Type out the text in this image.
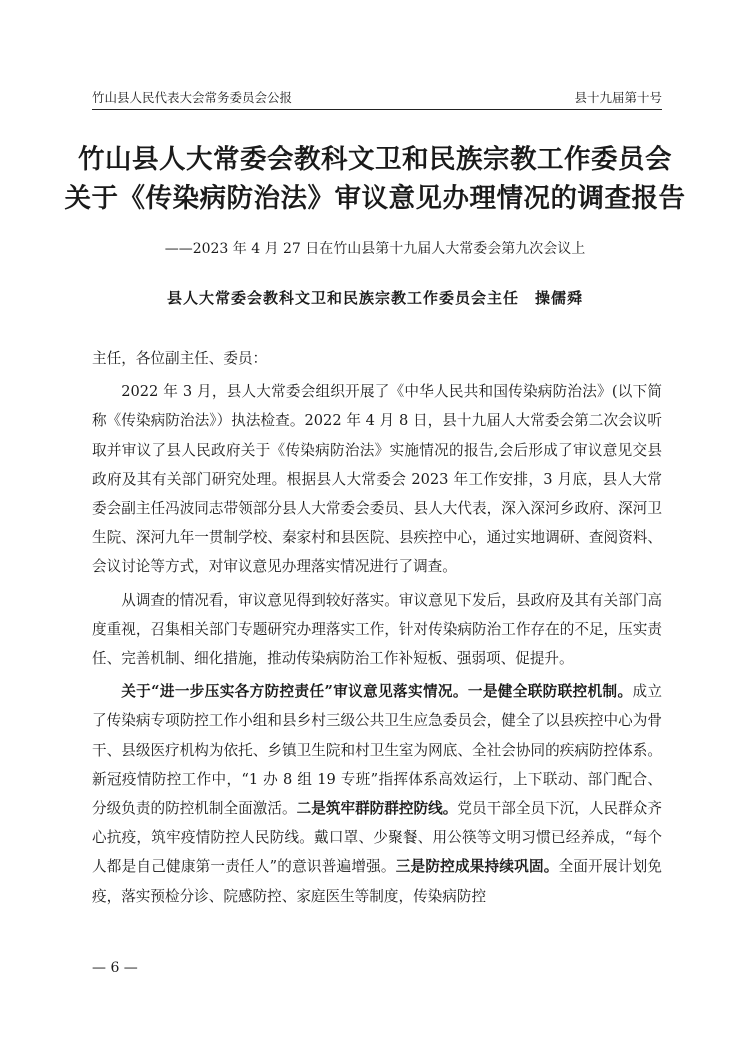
竹山县人民代表大会常务委员会公报	县十九届第十号
竹山县人大常委会教科文卫和民族宗教工作委员会
关于《传染病防治法》审议意见办理情况的调查报告
——2023 年 4 月 27 日在竹山县第十九届人大常委会第九次会议上
县人大常委会教科文卫和民族宗教工作委员会主任　操儒舜

主任，各位副主任、委员：

2022 年 3 月，县人大常委会组织开展了《中华人民共和国传染病防治法》(以下简称《传染病防治法》）执法检查。2022 年 4 月 8 日，县十九届人大常委会第二次会议听取并审议了县人民政府关于《传染病防治法》实施情况的报告,会后形成了审议意见交县政府及其有关部门研究处理。根据县人大常委会 2023 年工作安排，3 月底，县人大常委会副主任冯波同志带领部分县人大常委会委员、县人大代表，深入深河乡政府、深河卫生院、深河九年一贯制学校、秦家村和县医院、县疾控中心，通过实地调研、查阅资料、会议讨论等方式，对审议意见办理落实情况进行了调查。

从调查的情况看，审议意见得到较好落实。审议意见下发后，县政府及其有关部门高度重视，召集相关部门专题研究办理落实工作，针对传染病防治工作存在的不足，压实责任、完善机制、细化措施，推动传染病防治工作补短板、强弱项、促提升。

关于“进一步压实各方防控责任”审议意见落实情况。一是健全联防联控机制。成立了传染病专项防控工作小组和县乡村三级公共卫生应急委员会，健全了以县疾控中心为骨干、县级医疗机构为依托、乡镇卫生院和村卫生室为网底、全社会协同的疾病防控体系。新冠疫情防控工作中，“1 办 8 组 19 专班”指挥体系高效运行，上下联动、部门配合、分级负责的防控机制全面激活。二是筑牢群防群控防线。党员干部全员下沉，人民群众齐心抗疫，筑牢疫情防控人民防线。戴口罩、少聚餐、用公筷等文明习惯已经养成，“每个人都是自己健康第一责任人”的意识普遍增强。三是防控成果持续巩固。全面开展计划免疫，落实预检分诊、院感防控、家庭医生等制度，传染病防控

— 6 —
